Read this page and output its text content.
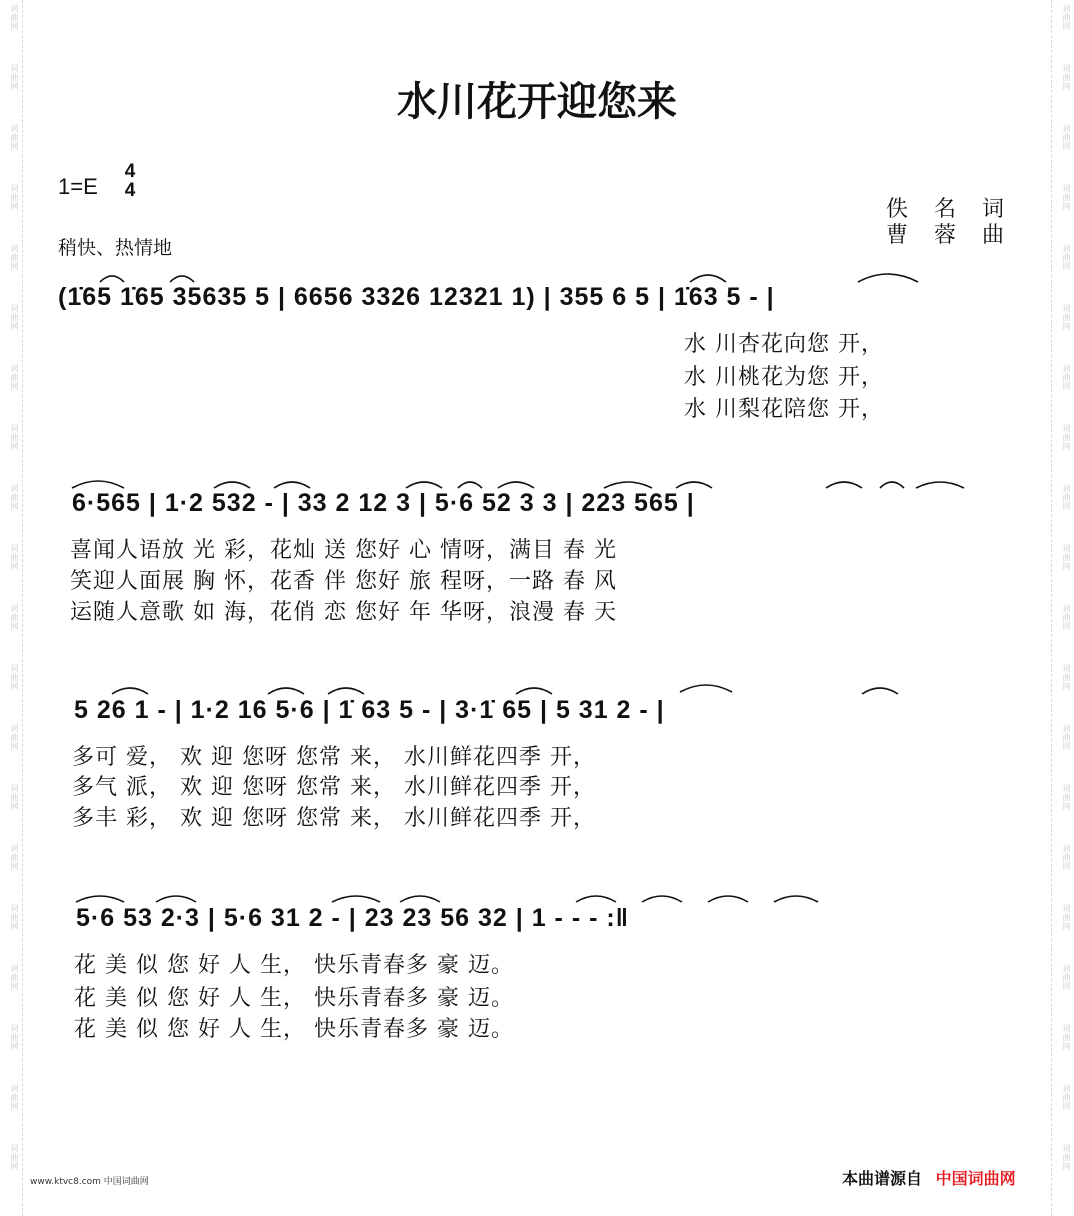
词曲网
词曲网
词曲网
词曲网
词曲网
词曲网
词曲网
词曲网
词曲网
词曲网
词曲网
词曲网
词曲网
词曲网
词曲网
词曲网
词曲网
词曲网
词曲网
词曲网
词曲网
词曲网
词曲网
词曲网
词曲网
词曲网
词曲网
词曲网
词曲网
词曲网
词曲网
词曲网
词曲网
词曲网
词曲网
词曲网
词曲网
词曲网
词曲网
词曲网
水川花开迎您来
1=E
4
4
稍快、热情地
佚名词
曹蓉曲
(1̇65 1̇65 35635 5 | 6656 3326 12321 1) | 355 6 5 | 1̇63 5 - |
水 川杏花向您 开，
水 川桃花为您 开，
水 川梨花陪您 开，
6·565 | 1·2 532 - | 33 2 12 3 | 5·6 52 3 3 | 223 565 |
喜闻人语放 光 彩，花灿 送 您好 心 情呀，满目 春 光
笑迎人面展 胸 怀，花香 伴 您好 旅 程呀，一路 春 风
运随人意歌 如 海，花俏 恋 您好 年 华呀，浪漫 春 天
5 26 1 - | 1·2 16 5·6 | 1̇ 63 5 - | 3·1̇ 65 | 5 31 2 - |
多可 爱， 欢 迎 您呀 您常 来， 水川鲜花四季 开，
多气 派， 欢 迎 您呀 您常 来， 水川鲜花四季 开，
多丰 彩， 欢 迎 您呀 您常 来， 水川鲜花四季 开，
5·6 53 2·3 | 5·6 31 2 - | 23 23 56 32 | 1 - - - :‖
花 美 似 您 好 人 生， 快乐青春多 豪 迈。
花 美 似 您 好 人 生， 快乐青春多 豪 迈。
花 美 似 您 好 人 生， 快乐青春多 豪 迈。
www.ktvc8.com 中国词曲网	本曲谱源自 中国词曲网
